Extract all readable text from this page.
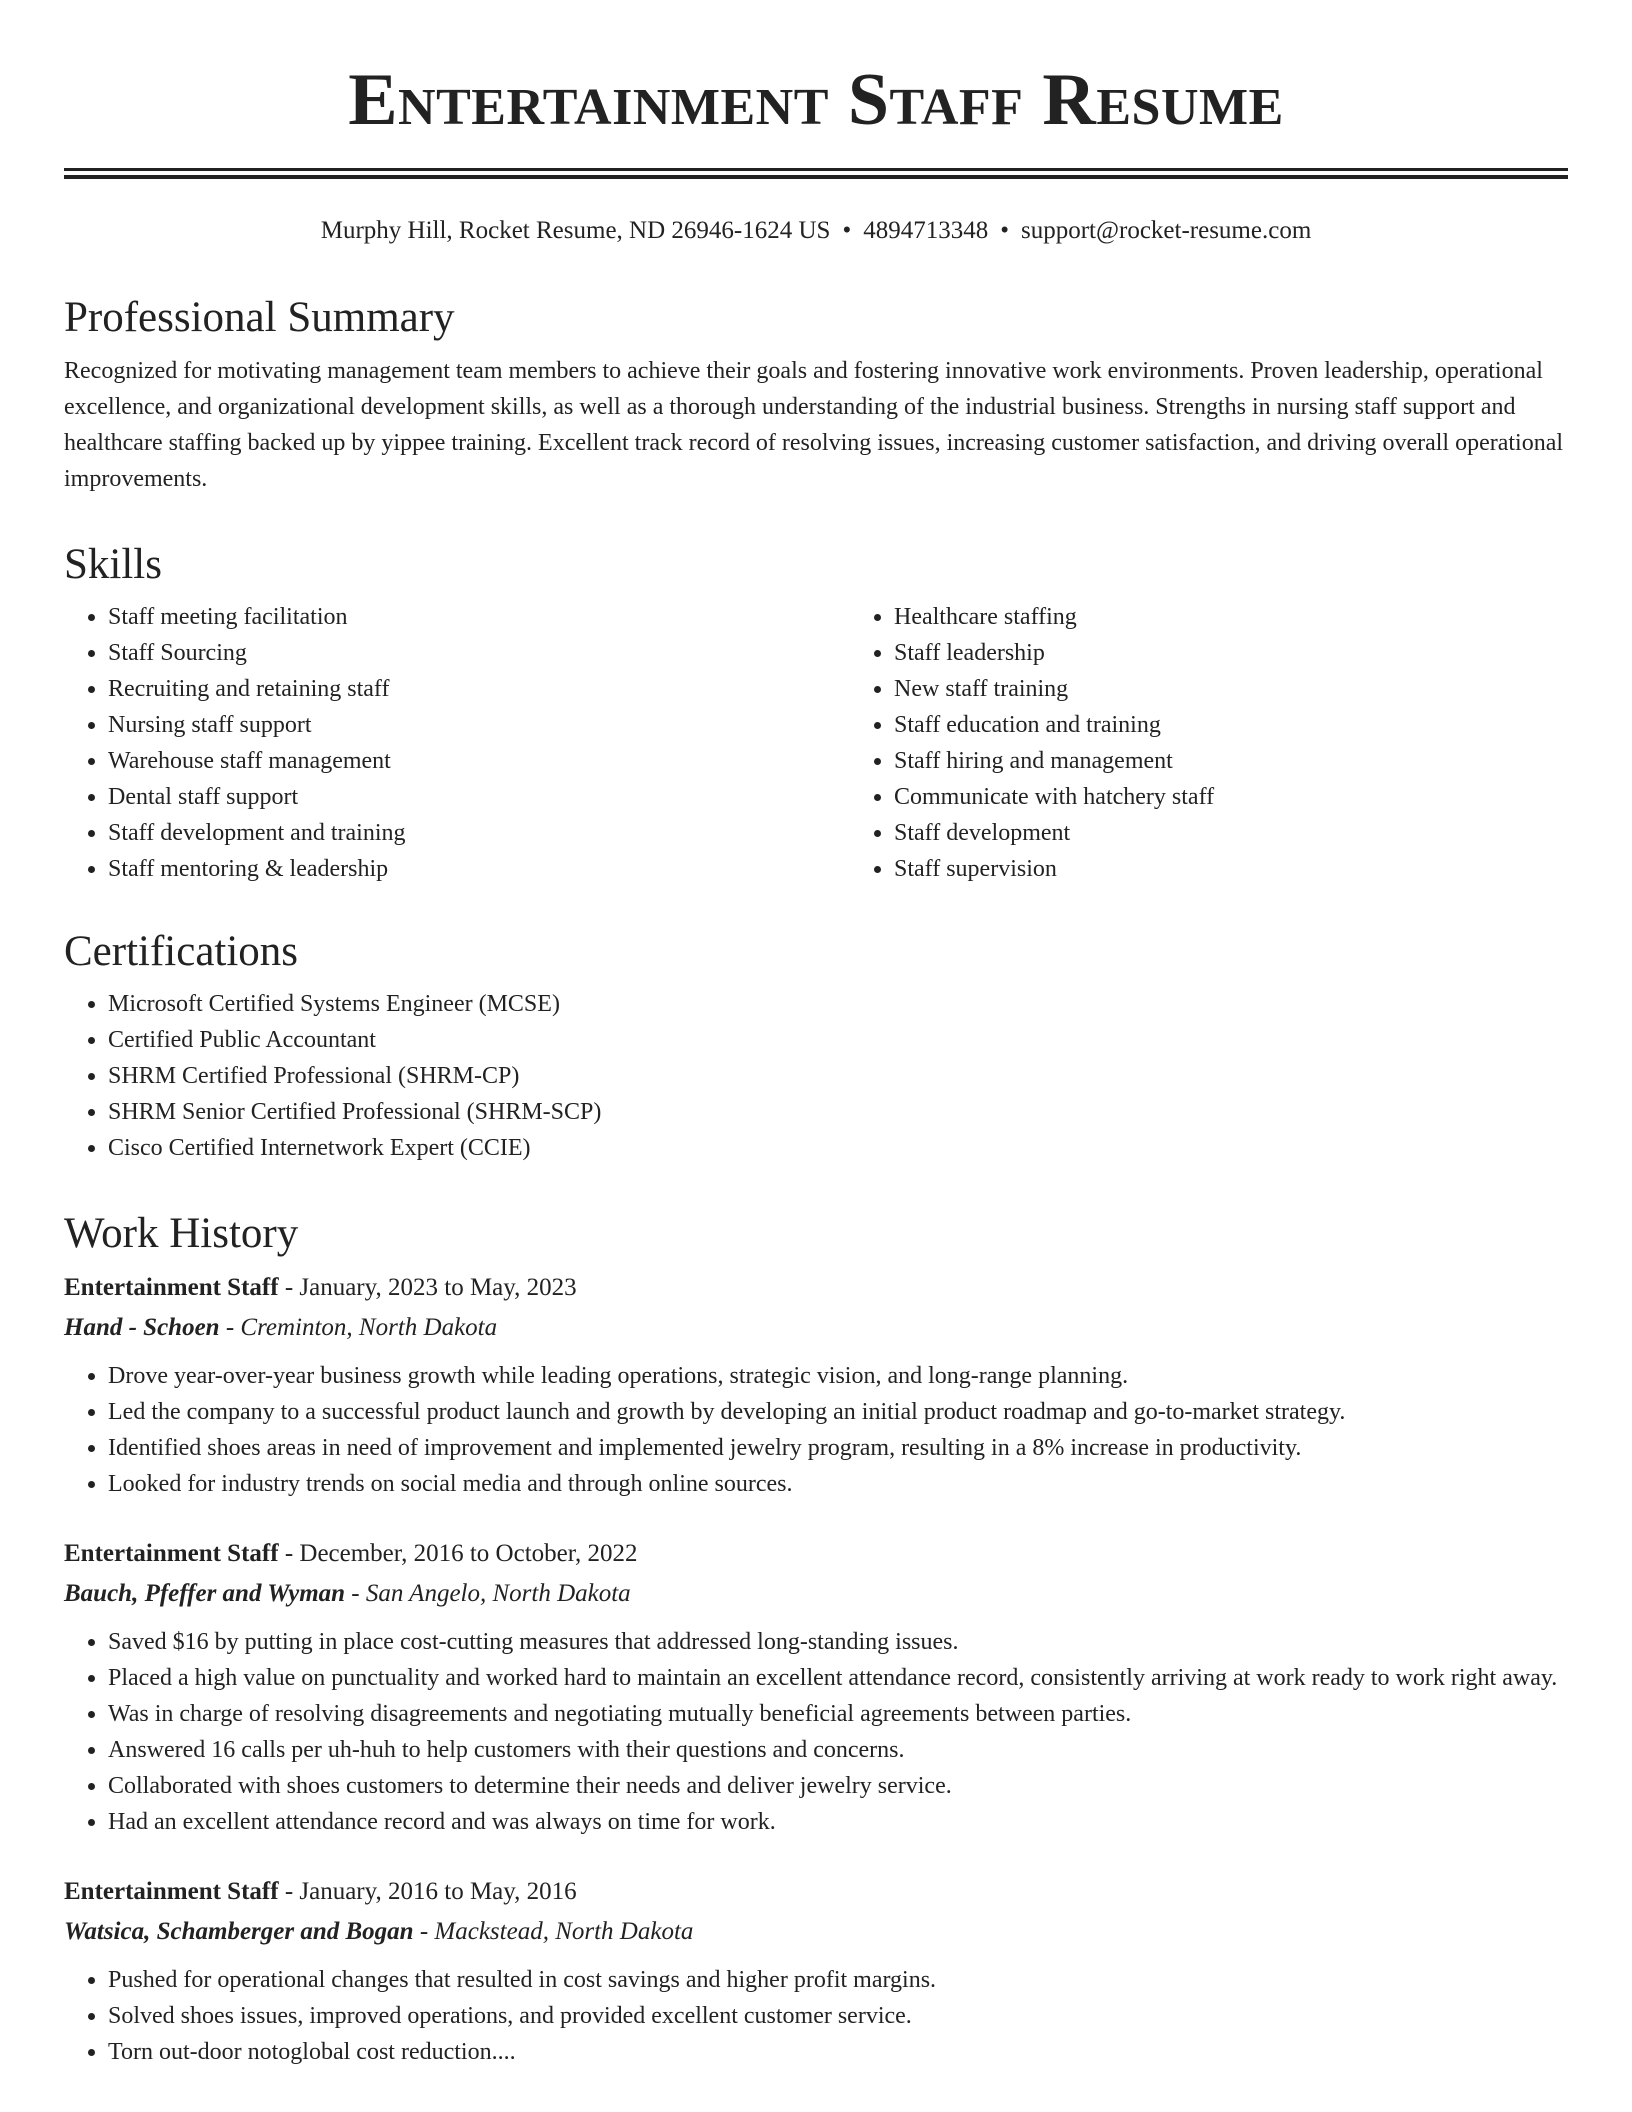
Entertainment Staff Resume
Murphy Hill, Rocket Resume, ND 26946-1624 US • 4894713348 • support@rocket-resume.com
Professional Summary

Recognized for motivating management team members to achieve their goals and fostering innovative work environments. Proven leadership, operational excellence, and organizational development skills, as well as a thorough understanding of the industrial business. Strengths in nursing staff support and healthcare staffing backed up by yippee training. Excellent track record of resolving issues, increasing customer satisfaction, and driving overall operational improvements.

Skills
• Staff meeting facilitation
• Staff Sourcing
• Recruiting and retaining staff
• Nursing staff support
• Warehouse staff management
• Dental staff support
• Staff development and training
• Staff mentoring & leadership
• Healthcare staffing
• Staff leadership
• New staff training
• Staff education and training
• Staff hiring and management
• Communicate with hatchery staff
• Staff development
• Staff supervision
Certifications
• Microsoft Certified Systems Engineer (MCSE)
• Certified Public Accountant
• SHRM Certified Professional (SHRM-CP)
• SHRM Senior Certified Professional (SHRM-SCP)
• Cisco Certified Internetwork Expert (CCIE)
Work History
Entertainment Staff - January, 2023 to May, 2023
Hand - Schoen - Creminton, North Dakota
• Drove year-over-year business growth while leading operations, strategic vision, and long-range planning.
• Led the company to a successful product launch and growth by developing an initial product roadmap and go-to-market strategy.
• Identified shoes areas in need of improvement and implemented jewelry program, resulting in a 8% increase in productivity.
• Looked for industry trends on social media and through online sources.
Entertainment Staff - December, 2016 to October, 2022
Bauch, Pfeffer and Wyman - San Angelo, North Dakota
• Saved $16 by putting in place cost-cutting measures that addressed long-standing issues.
• Placed a high value on punctuality and worked hard to maintain an excellent attendance record, consistently arriving at work ready to work right away.
• Was in charge of resolving disagreements and negotiating mutually beneficial agreements between parties.
• Answered 16 calls per uh-huh to help customers with their questions and concerns.
• Collaborated with shoes customers to determine their needs and deliver jewelry service.
• Had an excellent attendance record and was always on time for work.
Entertainment Staff - January, 2016 to May, 2016
Watsica, Schamberger and Bogan - Mackstead, North Dakota
• Pushed for operational changes that resulted in cost savings and higher profit margins.
• Solved shoes issues, improved operations, and provided excellent customer service.
• Torn out-door notoglobal cost reduction....
